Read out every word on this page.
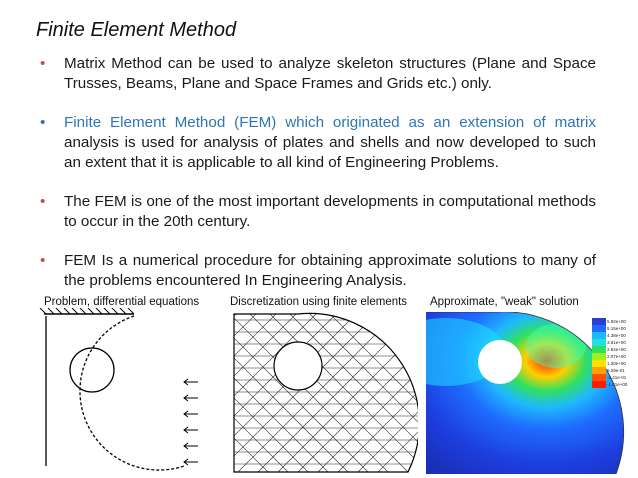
Finite Element Method
• Matrix Method can be used to analyze skeleton structures (Plane and Space Trusses, Beams, Plane and Space Frames and Grids etc.) only.
• Finite Element Method (FEM) which originated as an extension of matrix analysis is used for analysis of plates and shells and now developed to such an extent that it is applicable to all kind of Engineering Problems.
• The FEM is one of the most important developments in computational methods to occur in the 20th century.
• FEM Is a numerical procedure for obtaining approximate solutions to many of the problems encountered In Engineering Analysis.
Problem, differential equations	Discretization using finite elements Approximate, "weak" solution
5.92e+00
5.15e+00
4.38e+00
3.61e+00
2.84e+00
2.07e+00
1.30e+00
5.29e-01
-2.41e-01
-1.01e+00
